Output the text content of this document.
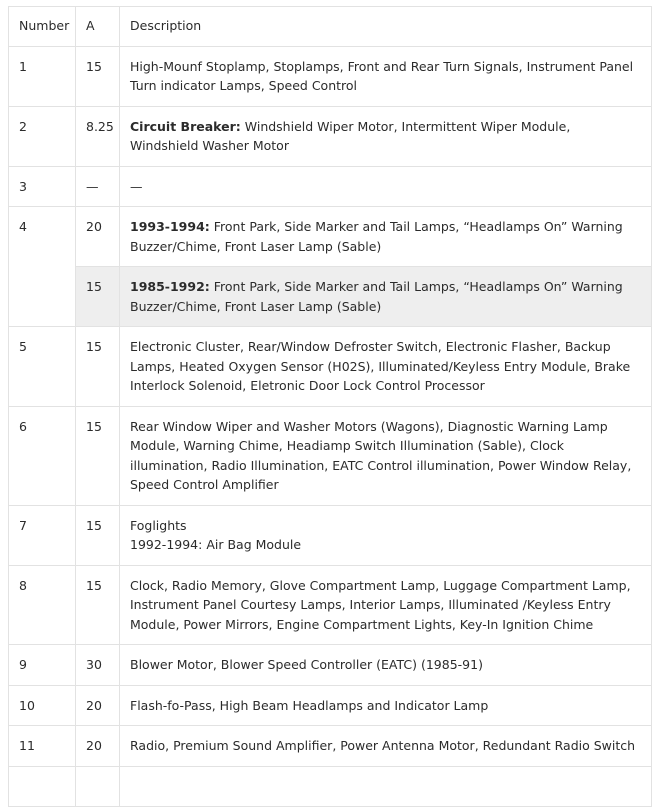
Number	A	Description
1	15	High-Mounf Stoplamp, Stoplamps, Front and Rear Turn Signals, Instrument Panel Turn indicator Lamps, Speed Control
2	8.25	Circuit Breaker: Windshield Wiper Motor, Intermittent Wiper Module, Windshield Washer Motor
3	—	—
4	20	1993-1994: Front Park, Side Marker and Tail Lamps, “Headlamps On” Warning Buzzer/Chime, Front Laser Lamp (Sable)
	15	1985-1992: Front Park, Side Marker and Tail Lamps, “Headlamps On” Warning Buzzer/Chime, Front Laser Lamp (Sable)
5	15	Electronic Cluster, Rear/Window Defroster Switch, Electronic Flasher, Backup Lamps, Heated Oxygen Sensor (H02S), Illuminated/Keyless Entry Module, Brake Interlock Solenoid, Eletronic Door Lock Control Processor
6	15	Rear Window Wiper and Washer Motors (Wagons), Diagnostic Warning Lamp Module, Warning Chime, Headiamp Switch Illumination (Sable), Clock illumination, Radio Illumination, EATC Control illumination, Power Window Relay, Speed Control Amplifier
7	15	Foglights
1992-1994: Air Bag Module

8	15	Clock, Radio Memory, Glove Compartment Lamp, Luggage Compartment Lamp, Instrument Panel Courtesy Lamps, Interior Lamps, Illuminated /Keyless Entry Module, Power Mirrors, Engine Compartment Lights, Key-In Ignition Chime
9	30	Blower Motor, Blower Speed Controller (EATC) (1985-91)
10	20	Flash-fo-Pass, High Beam Headlamps and Indicator Lamp
11	20	Radio, Premium Sound Amplifier, Power Antenna Motor, Redundant Radio Switch
